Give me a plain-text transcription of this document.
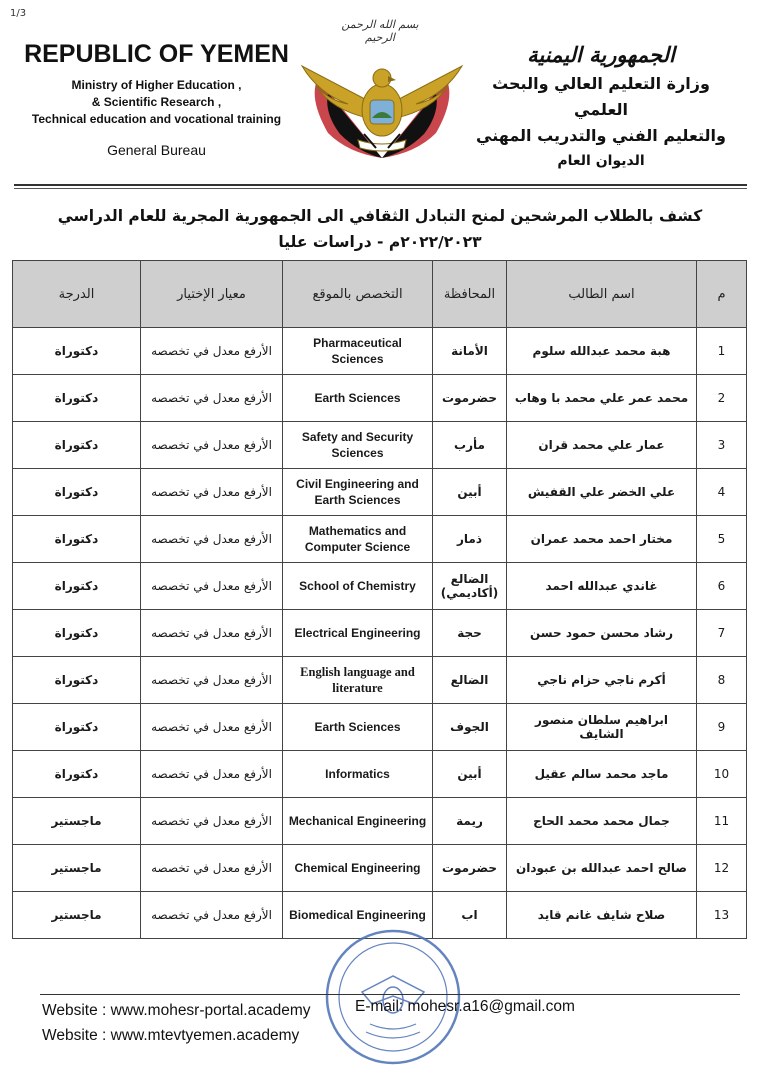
1/3
REPUBLIC OF YEMEN
Ministry of Higher Education ,
& Scientific Research ,
Technical education and vocational training
General Bureau
بسم الله الرحمن الرحيم
الجمهورية اليمنية
وزارة التعليم العالي والبحث العلمي
والتعليم الفني والتدريب المهني
الديوان العام
كشف بالطلاب المرشحين لمنح التبادل الثقافي الى الجمهورية المجرية للعام الدراسي
٢٠٢٢/٢٠٢٣م - دراسات عليا
م	اسم الطالب	المحافظة	التخصص بالموقع	معيار الإختيار	الدرجة
1	هبة محمد عبدالله سلوم	الأمانة	Pharmaceutical Sciences	الأرفع معدل في تخصصه	دكتوراة
2	محمد عمر علي محمد با وهاب	حضرموت	Earth Sciences	الأرفع معدل في تخصصه	دكتوراة
3	عمار علي محمد قران	مأرب	Safety and Security Sciences	الأرفع معدل في تخصصه	دكتوراة
4	علي الخضر علي القفيش	أبين	Civil Engineering and Earth Sciences	الأرفع معدل في تخصصه	دكتوراة
5	مختار احمد محمد عمران	ذمار	Mathematics and Computer Science	الأرفع معدل في تخصصه	دكتوراة
6	غاندي عبدالله احمد	الضالع (أكاديمي)	School of Chemistry	الأرفع معدل في تخصصه	دكتوراة
7	رشاد محسن حمود حسن	حجة	Electrical Engineering	الأرفع معدل في تخصصه	دكتوراة
8	أكرم ناجي حزام ناجي	الضالع	English language and literature	الأرفع معدل في تخصصه	دكتوراة
9	ابراهيم سلطان منصور الشايف	الجوف	Earth Sciences	الأرفع معدل في تخصصه	دكتوراة
10	ماجد محمد سالم عقيل	أبين	Informatics	الأرفع معدل في تخصصه	دكتوراة
11	جمال محمد محمد الحاج	ريمة	Mechanical Engineering	الأرفع معدل في تخصصه	ماجستير
12	صالح احمد عبدالله بن عبودان	حضرموت	Chemical Engineering	الأرفع معدل في تخصصه	ماجستير
13	صلاح شايف غانم قايد	اب	Biomedical Engineering	الأرفع معدل في تخصصه	ماجستير
Website : www.mohesr-portal.academy
Website : www.mtevtyemen.academy
E-mail: mohesr.a16@gmail.com
